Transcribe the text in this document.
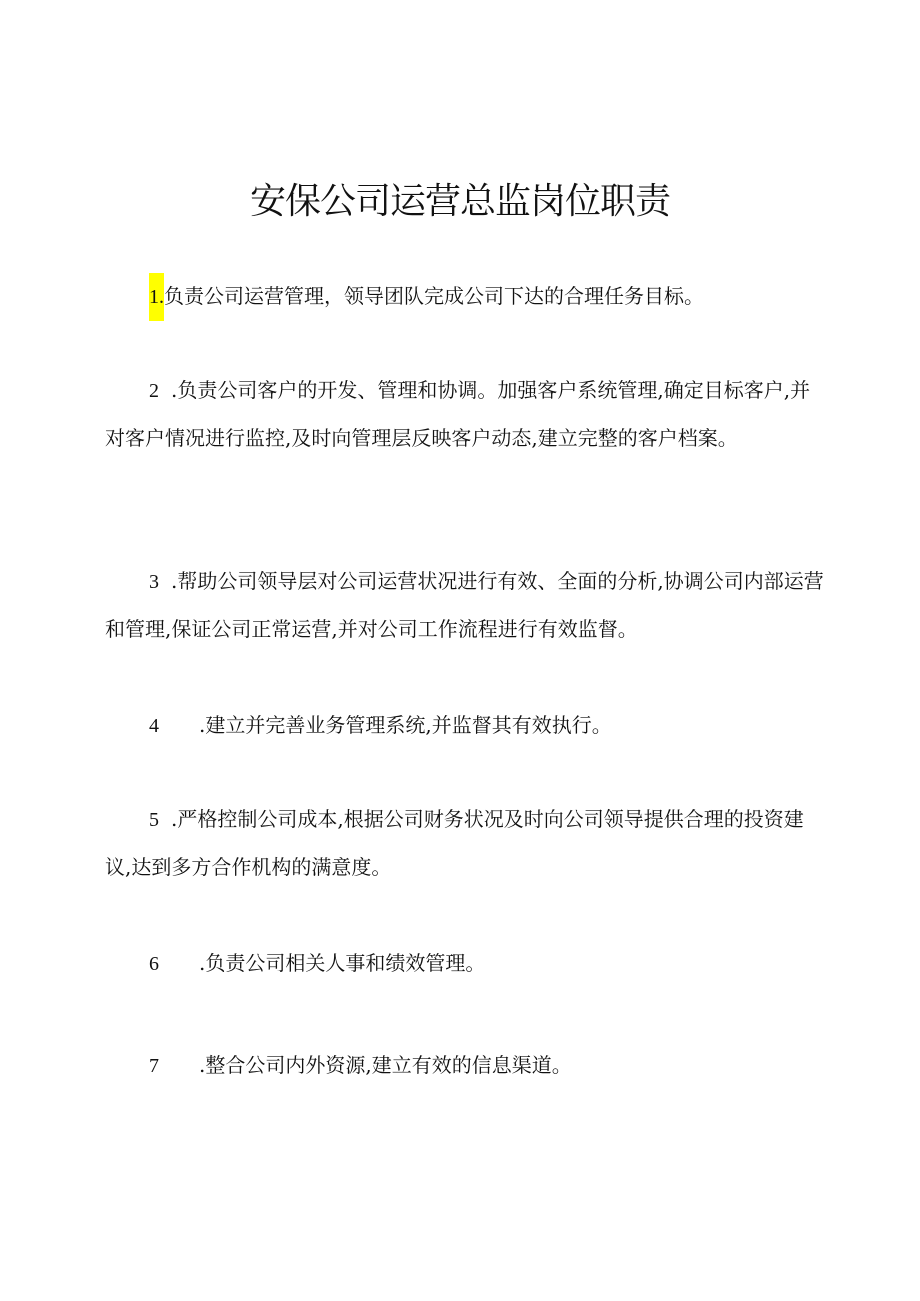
安保公司运营总监岗位职责

1.负责公司运营管理，领导团队完成公司下达的合理任务目标。

2 .负责公司客户的开发、管理和协调。加强客户系统管理,确定目标客户,并对客户情况进行监控,及时向管理层反映客户动态,建立完整的客户档案。

3 .帮助公司领导层对公司运营状况进行有效、全面的分析,协调公司内部运营和管理,保证公司正常运营,并对公司工作流程进行有效监督。

4 .建立并完善业务管理系统,并监督其有效执行。

5 .严格控制公司成本,根据公司财务状况及时向公司领导提供合理的投资建议,达到多方合作机构的满意度。

6 .负责公司相关人事和绩效管理。

7 .整合公司内外资源,建立有效的信息渠道。
